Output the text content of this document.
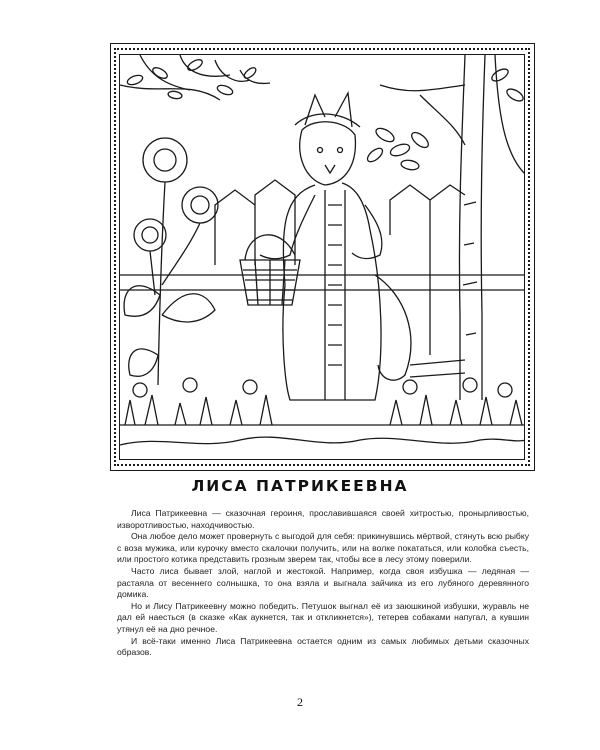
ЛИСА ПАТРИКЕЕВНА

Лиса Патрикеевна — сказочная героиня, прославившаяся своей хитростью, пронырливостью, изворотливостью, находчивостью.

Она любое дело может провернуть с выгодой для себя: прикинувшись мёртвой, стянуть всю рыбку с воза мужика, или курочку вместо скалочки получить, или на волке покататься, или колобка съесть, или простого котика представить грозным зверем так, чтобы все в лесу этому поверили.

Часто лиса бывает злой, наглой и жестокой. Например, когда своя избушка — ледяная — растаяла от весеннего солнышка, то она взяла и выгнала зайчика из его лубяного деревянного домика.

Но и Лису Патрикеевну можно победить. Петушок выгнал её из заюшкиной избушки, журавль не дал ей наесться (в сказке «Как аукнется, так и откликнется»), тетерев собаками напугал, а кувшин утянул её на дно речное.

И всё-таки именно Лиса Патрикеевна остается одним из самых любимых детьми сказочных образов.

2
